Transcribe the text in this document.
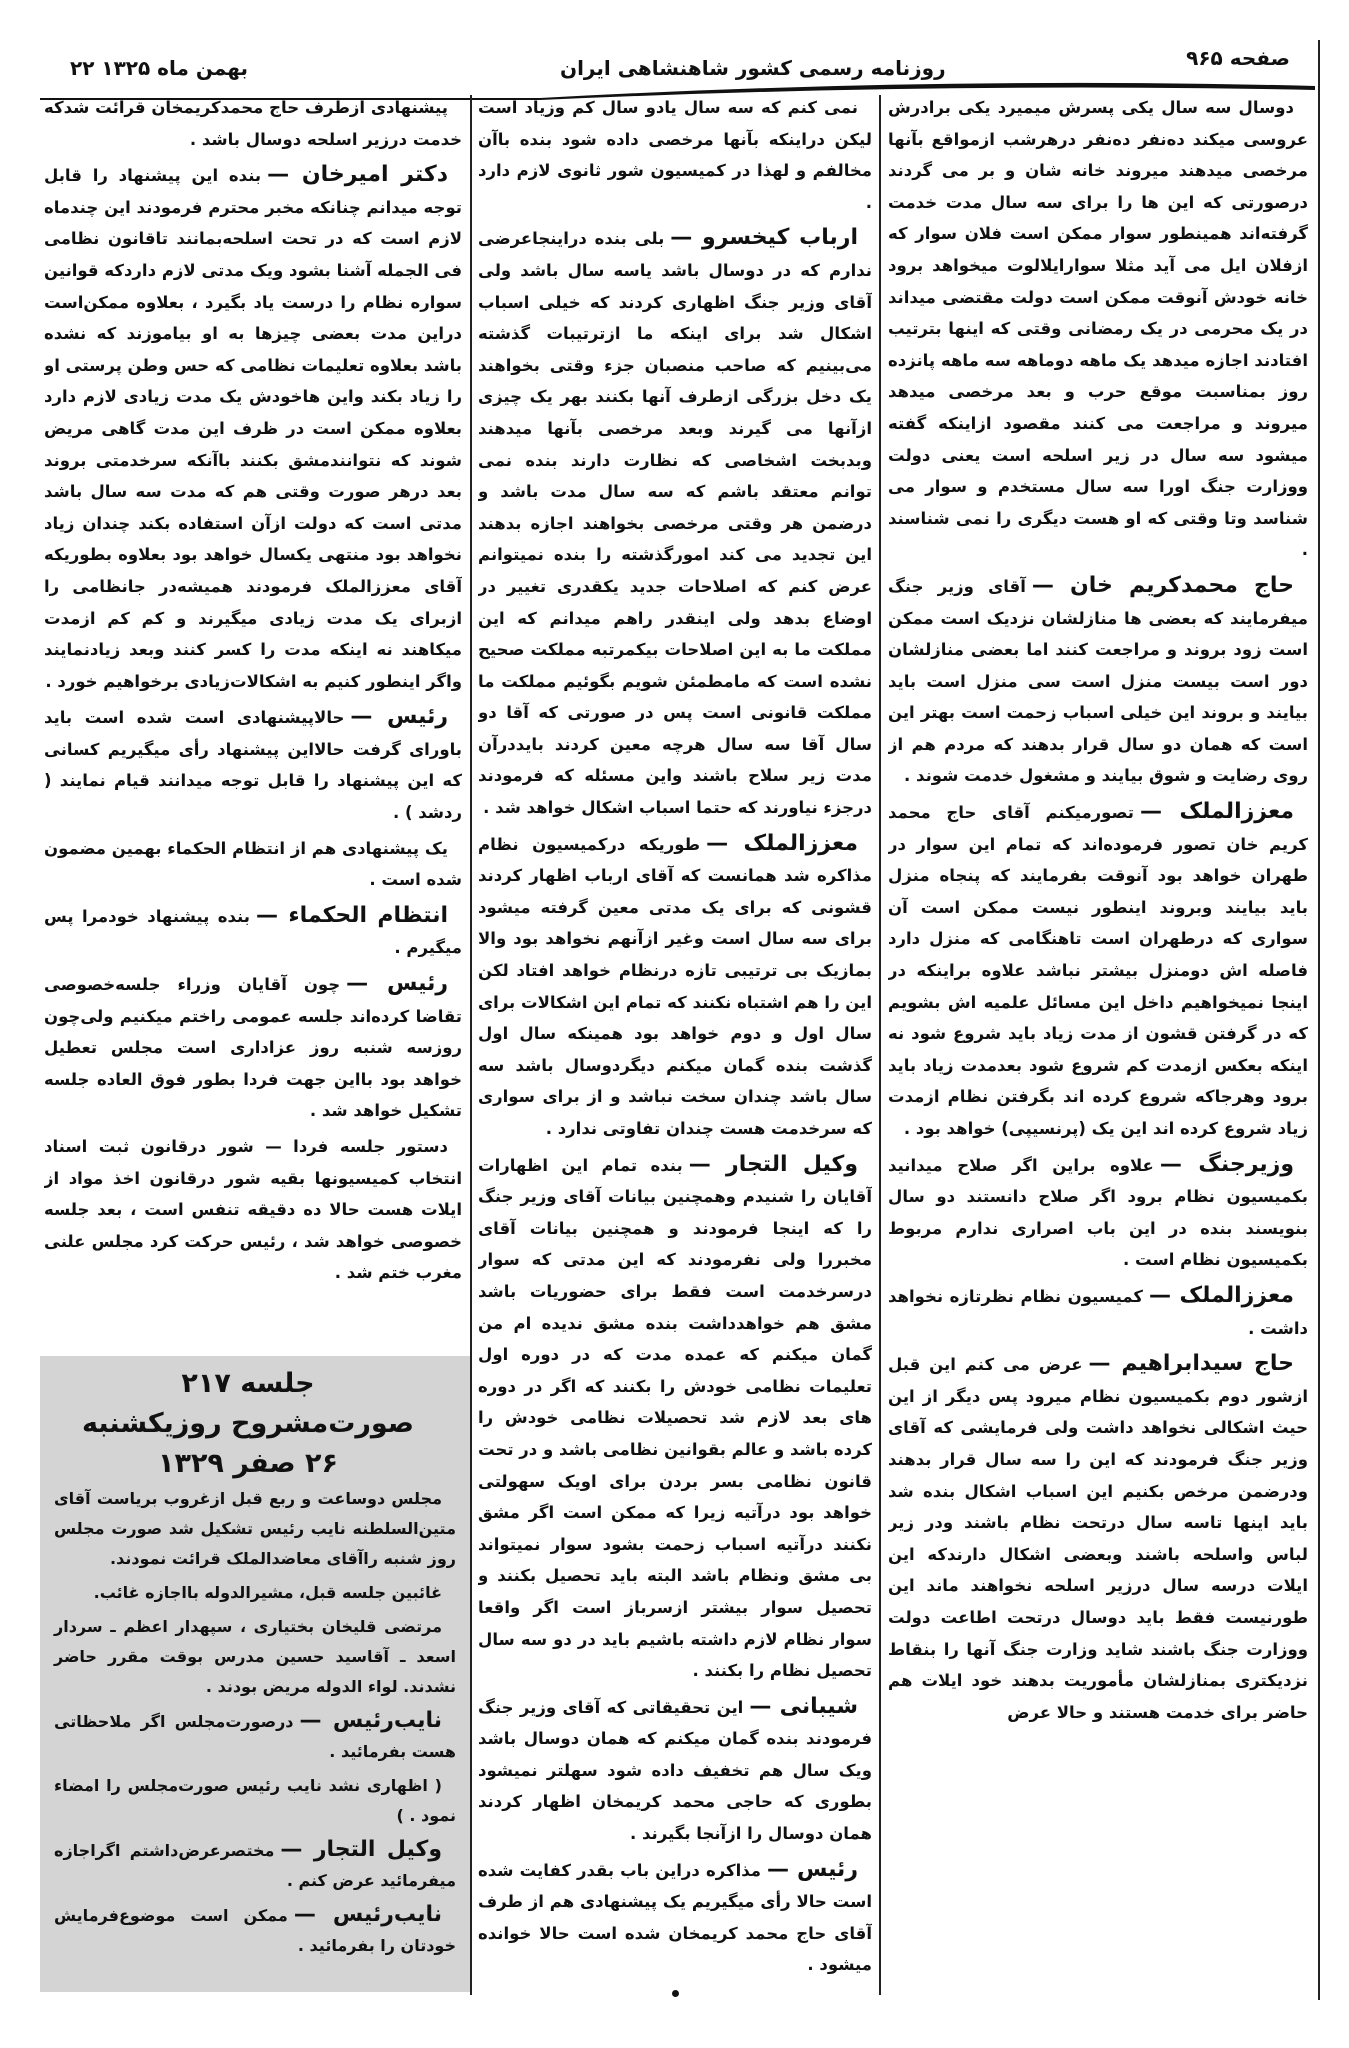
صفحه ۹۶۵
روزنامه رسمی کشور شاهنشاهی ایران
۲۲ بهمن ماه ۱۳۲۵

دوسال سه سال یکی پسرش میمیرد یکی برادرش عروسی میکند ده‌نفر ده‌نفر درهرشب ازمواقع بآنها مرخصی میدهند میروند خانه شان و بر می گردند درصورتی که این ها را برای سه سال مدت خدمت گرفته‌اند همینطور سوار ممکن است فلان سوار که ازفلان ایل می آید مثلا سوارایلالوت میخواهد برود خانه خودش آنوقت ممکن است دولت مقتضی میداند در یک محرمی در یک رمضانی وقتی که اینها بترتیب افتادند اجازه میدهد یک ماهه دوماهه سه ماهه پانزده روز بمناسبت موقع حرب و بعد مرخصی میدهد میروند و مراجعت می کنند مقصود ازاینکه گفته میشود سه سال در زیر اسلحه است یعنی دولت ووزارت جنگ اورا سه سال مستخدم و سوار می شناسد وتا وقتی که او هست دیگری را نمی شناسند .

حاج محمدکریم خان —آقای وزیر جنگ میفرمایند که بعضی ها منازلشان نزدیک است ممکن است زود بروند و مراجعت کنند اما بعضی منازلشان دور است بیست منزل است سی منزل است باید بیایند و بروند این خیلی اسباب زحمت است بهتر این است که همان دو سال قرار بدهند که مردم هم از روی رضایت و شوق بیایند و مشغول خدمت شوند .

معززالملک —تصورمیکنم آقای حاج محمد کریم خان تصور فرموده‌اند که تمام این سوار در طهران خواهد بود آنوقت بفرمایند که پنجاه منزل باید بیایند وبروند اینطور نیست ممکن است آن سواری که درطهران است تاهنگامی که منزل دارد فاصله اش دومنزل بیشتر نباشد علاوه براینکه در اینجا نمیخواهیم داخل این مسائل علمیه اش بشویم که در گرفتن قشون از مدت زیاد باید شروع شود نه اینکه بعکس ازمدت کم شروع شود بعدمدت زیاد باید برود وهرجاکه شروع کرده اند بگرفتن نظام ازمدت زیاد شروع کرده اند این یک (پرنسیپی) خواهد بود .

وزیرجنگ —علاوه براین اگر صلاح میدانید بکمیسیون نظام برود اگر صلاح دانستند دو سال بنویسند بنده در این باب اصراری ندارم مربوط بکمیسیون نظام است .

معززالملک —کمیسیون نظام نظرتازه نخواهد داشت .

حاج سیدابراهیم —عرض می کنم این قبل ازشور دوم بکمیسیون نظام میرود پس دیگر از این حیث اشکالی نخواهد داشت ولی فرمایشی که آقای وزیر جنگ فرمودند که این را سه سال قرار بدهند ودرضمن مرخص بکنیم این اسباب اشکال بنده شد باید اینها تاسه سال درتحت نظام باشند ودر زیر لباس واسلحه باشند وبعضی اشکال دارندکه این ایلات درسه سال درزیر اسلحه نخواهند ماند این طورنیست فقط باید دوسال درتحت اطاعت دولت ووزارت جنگ باشند شاید وزارت جنگ آنها را بنقاط نزدیکتری بمنازلشان مأموریت بدهند خود ایلات هم حاضر برای خدمت هستند و حالا عرض

نمی کنم که سه سال یادو سال کم وزیاد است لیکن دراینکه بآنها مرخصی داده شود بنده باآن مخالفم و لهذا در کمیسیون شور ثانوی لازم دارد .

ارباب کیخسرو —بلی بنده دراینجاعرضی ندارم که در دوسال باشد یاسه سال باشد ولی آقای وزیر جنگ اظهاری کردند که خیلی اسباب اشکال شد برای اینکه ما ازترتیبات گذشته می‌بینیم که صاحب منصبان جزء وقتی بخواهند یک دخل بزرگی ازطرف آنها بکنند بهر یک چیزی ازآنها می گیرند وبعد مرخصی بآنها میدهند وبدبخت اشخاصی که نظارت دارند بنده نمی توانم معتقد باشم که سه سال مدت باشد و درضمن هر وقتی مرخصی بخواهند اجازه بدهند این تجدید می کند امورگذشته را بنده نمیتوانم عرض کنم که اصلاحات جدید یکقدری تغییر در اوضاع بدهد ولی اینقدر راهم میدانم که این مملکت ما به این اصلاحات بیکمرتبه مملکت صحیح نشده است که مامطمئن شویم بگوئیم مملکت ما مملکت قانونی است پس در صورتی که آقا دو سال آقا سه سال هرچه معین کردند بایددرآن مدت زیر سلاح باشند واین مسئله که فرمودند درجزء نیاورند که حتما اسباب اشکال خواهد شد .

معززالملک —طوریکه درکمیسیون نظام مذاکره شد همانست که آقای ارباب اظهار کردند قشونی که برای یک مدتی معین گرفته میشود برای سه سال است وغیر ازآنهم نخواهد بود والا بمازیک بی ترتیبی تازه درنظام خواهد افتاد لکن این را هم اشتباه نکنند که تمام این اشکالات برای سال اول و دوم خواهد بود همینکه سال اول گذشت بنده گمان میکنم دیگردوسال باشد سه سال باشد چندان سخت نباشد و از برای سواری که سرخدمت هست چندان تفاوتی ندارد .

وکیل التجار —بنده تمام این اظهارات آقایان را شنیدم وهمچنین بیانات آقای وزیر جنگ را که اینجا فرمودند و همچنین بیانات آقای مخبررا ولی نفرمودند که این مدتی که سوار درسرخدمت است فقط برای حضوریات باشد مشق هم خواهدداشت بنده مشق ندیده ام من گمان میکنم که عمده مدت که در دوره اول تعلیمات نظامی خودش را بکنند که اگر در دوره های بعد لازم شد تحصیلات نظامی خودش را کرده باشد و عالم بقوانین نظامی باشد و در تحت قانون نظامی بسر بردن برای اویک سهولتی خواهد بود درآتیه زیرا که ممکن است اگر مشق نکنند درآتیه اسباب زحمت بشود سوار نمیتواند بی مشق ونظام باشد البته باید تحصیل بکنند و تحصیل سوار بیشتر ازسرباز است اگر واقعا سوار نظام لازم داشته باشیم باید در دو سه سال تحصیل نظام را بکنند .

شیبانی —این تحقیقاتی که آقای وزیر جنگ فرمودند بنده گمان میکنم که همان دوسال باشد ویک سال هم تخفیف داده شود سهلتر نمیشود بطوری که حاجی محمد کریمخان اظهار کردند همان دوسال را ازآنجا بگیرند .

رئیس —مذاکره دراین باب بقدر کفایت شده است حالا رأی میگیریم یک پیشنهادی هم از طرف آقای حاج محمد کریمخان شده است حالا خوانده میشود .

پیشنهادی ازطرف حاج محمدکریمخان قرائت شدکه خدمت درزیر اسلحه دوسال باشد .

دکتر امیرخان —بنده این پیشنهاد را قابل توجه میدانم چنانکه مخبر محترم فرمودند این چندماه لازم است که در تحت اسلحه‌بمانند تاقانون نظامی فی الجمله آشنا بشود ویک مدتی لازم داردکه قوانین سواره نظام را درست یاد بگیرد ، بعلاوه ممکن‌است دراین مدت بعضی چیزها به او بیاموزند که نشده باشد بعلاوه تعلیمات نظامی که حس وطن پرستی او را زیاد بکند واین هاخودش یک مدت زیادی لازم دارد بعلاوه ممکن است در ظرف این مدت گاهی مریض شوند که نتوانندمشق بکنند باآنکه سرخدمتی بروند بعد درهر صورت وقتی هم که مدت سه سال باشد مدتی است که دولت ازآن استفاده بکند چندان زیاد نخواهد بود منتهی یکسال خواهد بود بعلاوه بطوریکه آقای معززالملک فرمودند همیشه‌در جانظامی را ازبرای یک مدت زیادی میگیرند و کم کم ازمدت میکاهند نه اینکه مدت را کسر کنند وبعد زیادنمایند واگر اینطور کنیم به اشکالات‌زیادی برخواهیم خورد .

رئیس —حالاپیشنهادی است شده است باید باورای گرفت حالااین پیشنهاد رأی میگیریم کسانی که این پیشنهاد را قابل توجه میدانند قیام نمایند ( ردشد ) .

یک پیشنهادی هم از انتظام الحکماء بهمین مضمون شده است .

انتظام الحکماء —بنده پیشنهاد خودمرا پس میگیرم .

رئیس —چون آقایان وزراء جلسه‌خصوصی تقاضا کرده‌اند جلسه عمومی راختم میکنیم ولی‌چون روزسه شنبه روز عزاداری است مجلس تعطیل خواهد بود بااین جهت فردا بطور فوق العاده جلسه تشکیل خواهد شد .

دستور جلسه فردا — شور درقانون ثبت اسناد انتخاب کمیسیونها بقیه شور درقانون اخذ مواد از ایلات هست حالا ده دقیقه تنفس است ، بعد جلسه خصوصی خواهد شد ، رئیس حرکت کرد مجلس علنی مغرب ختم شد .

جلسه ۲۱۷

صورت‌مشروح روزیکشنبه

۲۶ صفر ۱۳۲۹

مجلس دوساعت و ربع قبل ازغروب بریاست آقای متین‌السلطنه نایب رئیس تشکیل شد صورت مجلس روز شنبه راآقای معاضدالملک قرائت نمودند.

غائبین جلسه قبل، مشیرالدوله بااجازه غائب.

مرتضی قلیخان بختیاری ، سپهدار اعظم ـ سردار اسعد ـ آقاسید حسین مدرس بوقت مقرر حاضر نشدند. لواء الدوله مریض بودند .

نایب‌رئیس —درصورت‌مجلس اگر ملاحظاتی هست بفرمائید .

( اظهاری نشد نایب رئیس صورت‌مجلس را امضاء نمود . )

وکیل التجار —مختصرعرض‌داشتم اگراجازه میفرمائید عرض کنم .

نایب‌رئیس —ممکن است موضوع‌فرمایش خودتان را بفرمائید .
